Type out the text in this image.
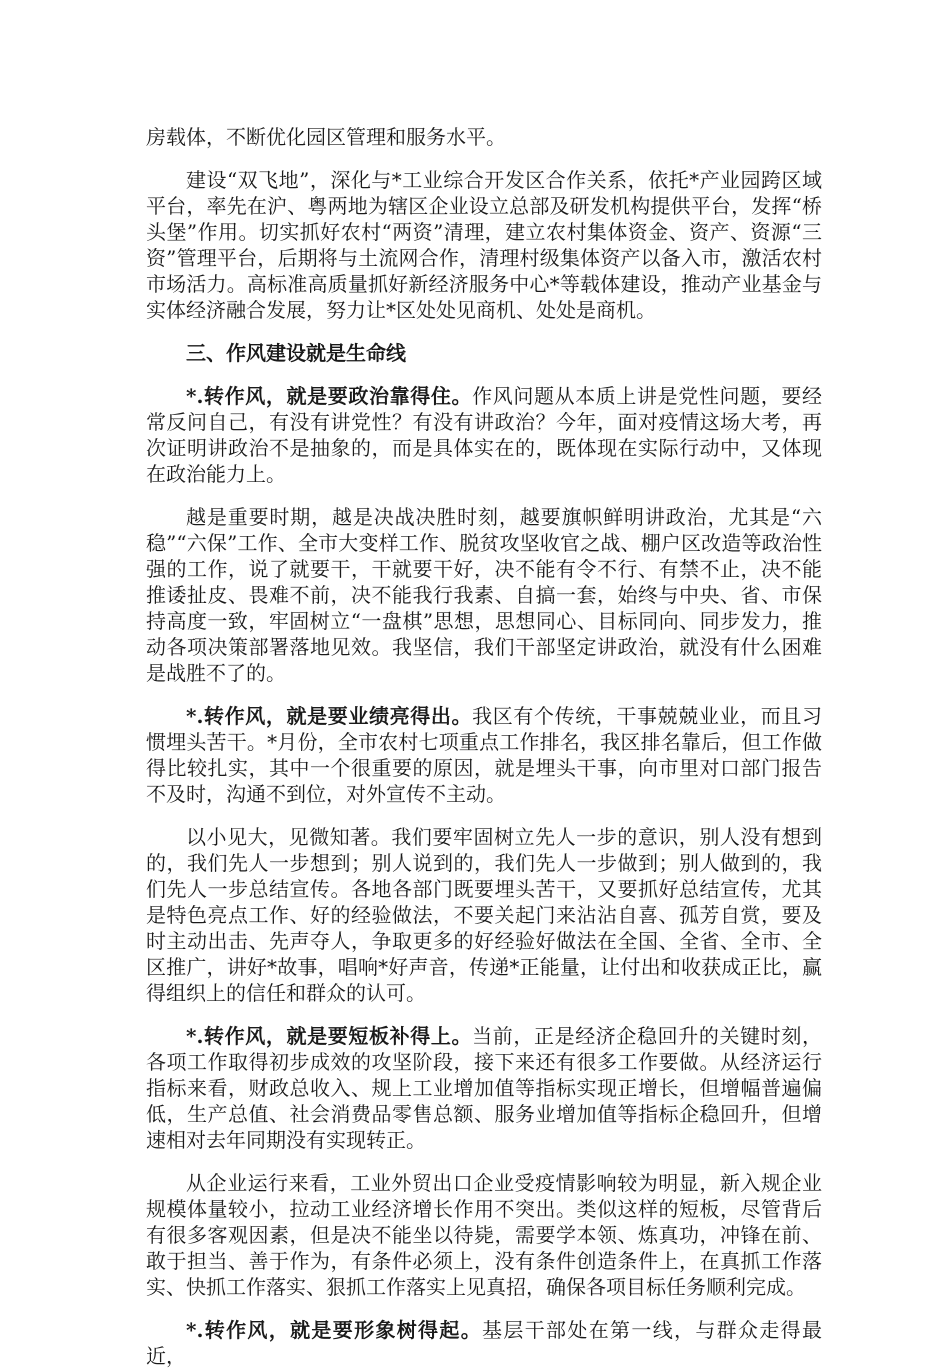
房载体，不断优化园区管理和服务水平。

建设“双飞地”，深化与*工业综合开发区合作关系，依托*产业园跨区域平台，率先在沪、粤两地为辖区企业设立总部及研发机构提供平台，发挥“桥头堡”作用。切实抓好农村“两资”清理，建立农村集体资金、资产、资源“三资”管理平台，后期将与土流网合作，清理村级集体资产以备入市，激活农村市场活力。高标准高质量抓好新经济服务中心*等载体建设，推动产业基金与实体经济融合发展，努力让*区处处见商机、处处是商机。

三、作风建设就是生命线

*.转作风，就是要政治靠得住。作风问题从本质上讲是党性问题，要经常反问自己，有没有讲党性？有没有讲政治？今年，面对疫情这场大考，再次证明讲政治不是抽象的，而是具体实在的，既体现在实际行动中，又体现在政治能力上。

越是重要时期，越是决战决胜时刻，越要旗帜鲜明讲政治，尤其是“六稳”“六保”工作、全市大变样工作、脱贫攻坚收官之战、棚户区改造等政治性强的工作，说了就要干，干就要干好，决不能有令不行、有禁不止，决不能推诿扯皮、畏难不前，决不能我行我素、自搞一套，始终与中央、省、市保持高度一致，牢固树立“一盘棋”思想，思想同心、目标同向、同步发力，推动各项决策部署落地见效。我坚信，我们干部坚定讲政治，就没有什么困难是战胜不了的。

*.转作风，就是要业绩亮得出。我区有个传统，干事兢兢业业，而且习惯埋头苦干。*月份，全市农村七项重点工作排名，我区排名靠后，但工作做得比较扎实，其中一个很重要的原因，就是埋头干事，向市里对口部门报告不及时，沟通不到位，对外宣传不主动。

以小见大，见微知著。我们要牢固树立先人一步的意识，别人没有想到的，我们先人一步想到；别人说到的，我们先人一步做到；别人做到的，我们先人一步总结宣传。各地各部门既要埋头苦干，又要抓好总结宣传，尤其是特色亮点工作、好的经验做法，不要关起门来沾沾自喜、孤芳自赏，要及时主动出击、先声夺人，争取更多的好经验好做法在全国、全省、全市、全区推广，讲好*故事，唱响*好声音，传递*正能量，让付出和收获成正比，赢得组织上的信任和群众的认可。

*.转作风，就是要短板补得上。当前，正是经济企稳回升的关键时刻，各项工作取得初步成效的攻坚阶段，接下来还有很多工作要做。从经济运行指标来看，财政总收入、规上工业增加值等指标实现正增长，但增幅普遍偏低，生产总值、社会消费品零售总额、服务业增加值等指标企稳回升，但增速相对去年同期没有实现转正。

从企业运行来看，工业外贸出口企业受疫情影响较为明显，新入规企业规模体量较小，拉动工业经济增长作用不突出。类似这样的短板，尽管背后有很多客观因素，但是决不能坐以待毙，需要学本领、炼真功，冲锋在前、敢于担当、善于作为，有条件必须上，没有条件创造条件上，在真抓工作落实、快抓工作落实、狠抓工作落实上见真招，确保各项目标任务顺利完成。

*.转作风，就是要形象树得起。基层干部处在第一线，与群众走得最近，
